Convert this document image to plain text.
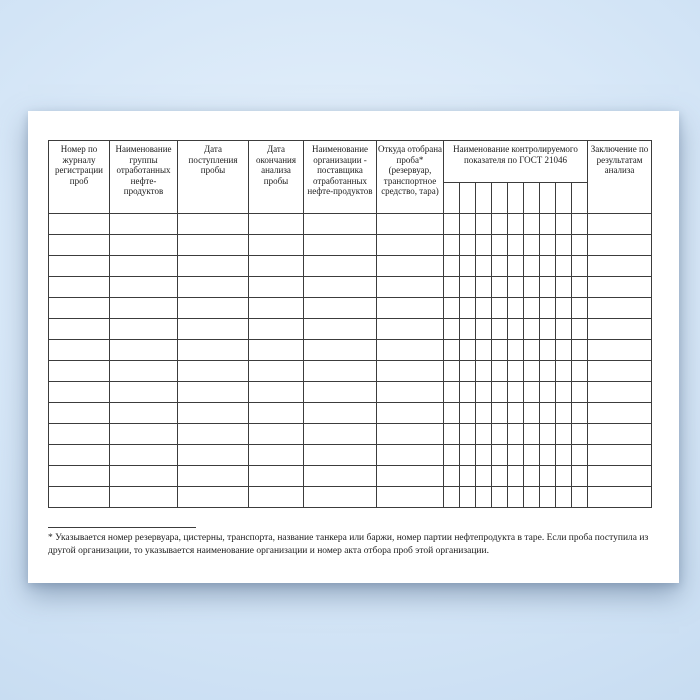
Номер по журналу регистрации проб	Наименование группы отработанных нефте-продуктов	Дата поступления пробы	Дата окончания анализа пробы	Наименование организации - поставщика отработанных нефте-продуктов	Откуда отобрана проба* (резервуар, транспортное средство, тара)	Наименование контролируемого показателя по ГОСТ 21046									Заключение по результатам анализа

* Указывается номер резервуара, цистерны, транспорта, название танкера или баржи, номер партии нефтепродукта в таре. Если проба поступила из другой организации, то указывается наименование организации и номер акта отбора проб этой организации.
